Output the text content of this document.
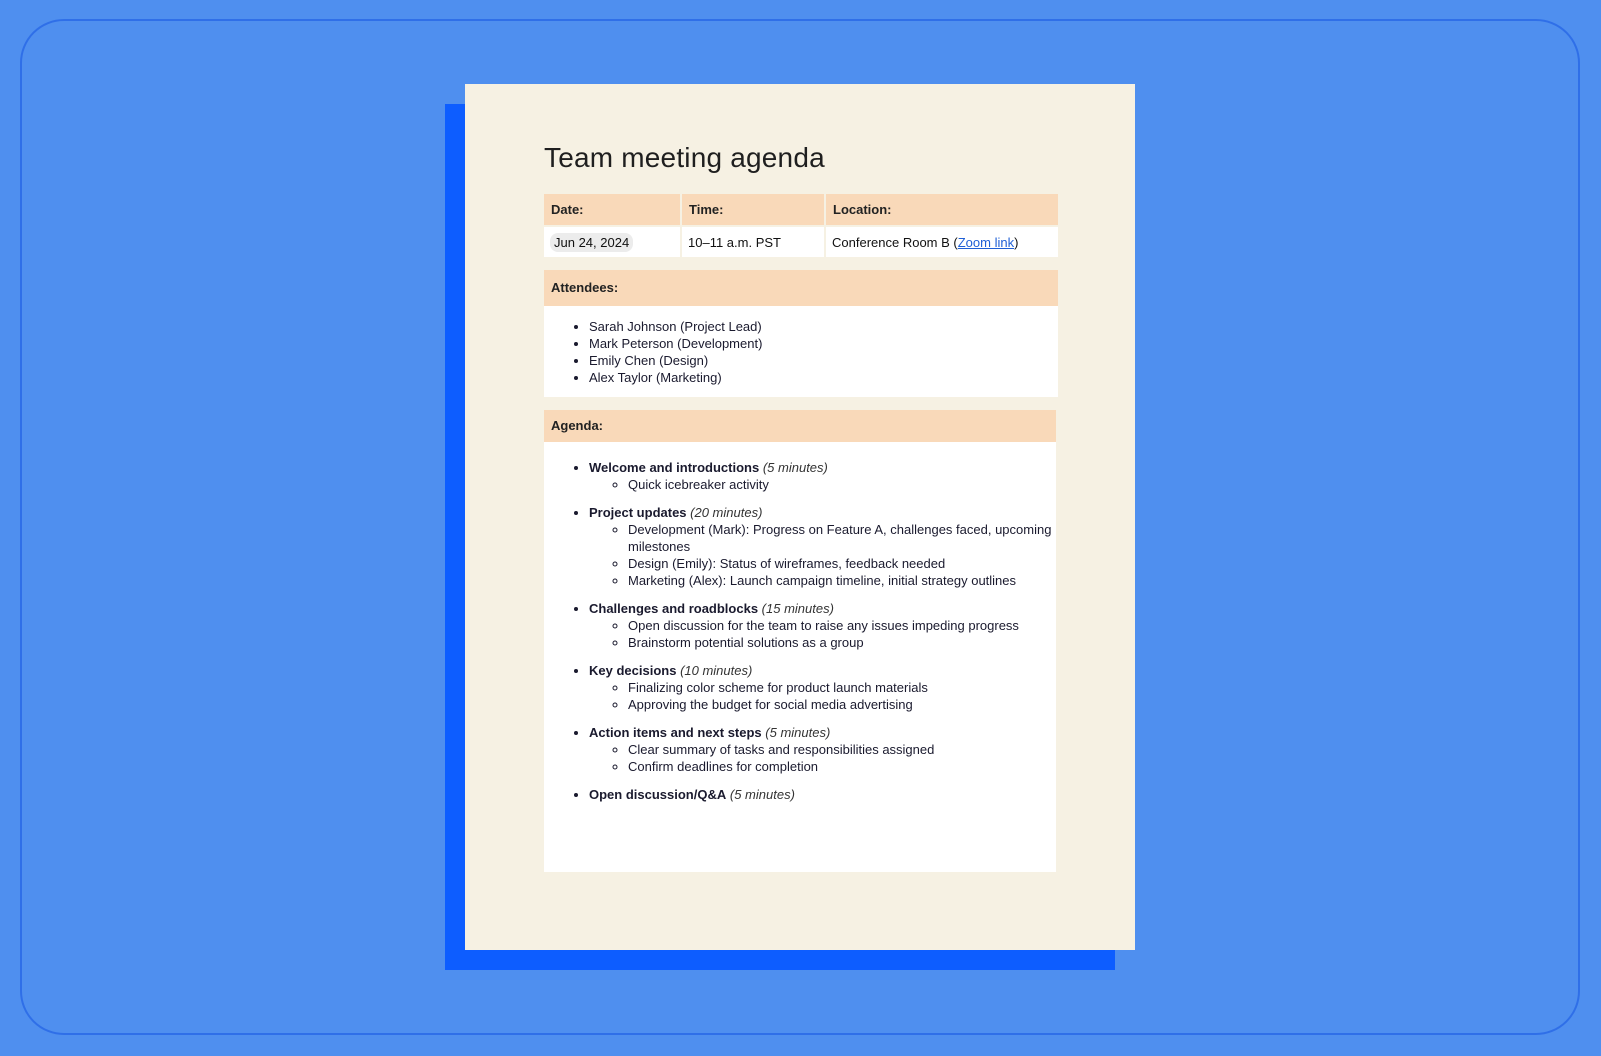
Team meeting agenda
Date:	Time:	Location:
Jun 24, 2024	10–11 a.m. PST	Conference Room B (Zoom link)
Attendees:
• Sarah Johnson (Project Lead)
• Mark Peterson (Development)
• Emily Chen (Design)
• Alex Taylor (Marketing)
Agenda:
• Welcome and introductions (5 minutes)
◦ Quick icebreaker activity
• Project updates (20 minutes)
◦ Development (Mark): Progress on Feature A, challenges faced, upcoming milestones
◦ Design (Emily): Status of wireframes, feedback needed
◦ Marketing (Alex): Launch campaign timeline, initial strategy outlines
• Challenges and roadblocks (15 minutes)
◦ Open discussion for the team to raise any issues impeding progress
◦ Brainstorm potential solutions as a group
• Key decisions (10 minutes)
◦ Finalizing color scheme for product launch materials
◦ Approving the budget for social media advertising
• Action items and next steps (5 minutes)
◦ Clear summary of tasks and responsibilities assigned
◦ Confirm deadlines for completion
• Open discussion/Q&A (5 minutes)
